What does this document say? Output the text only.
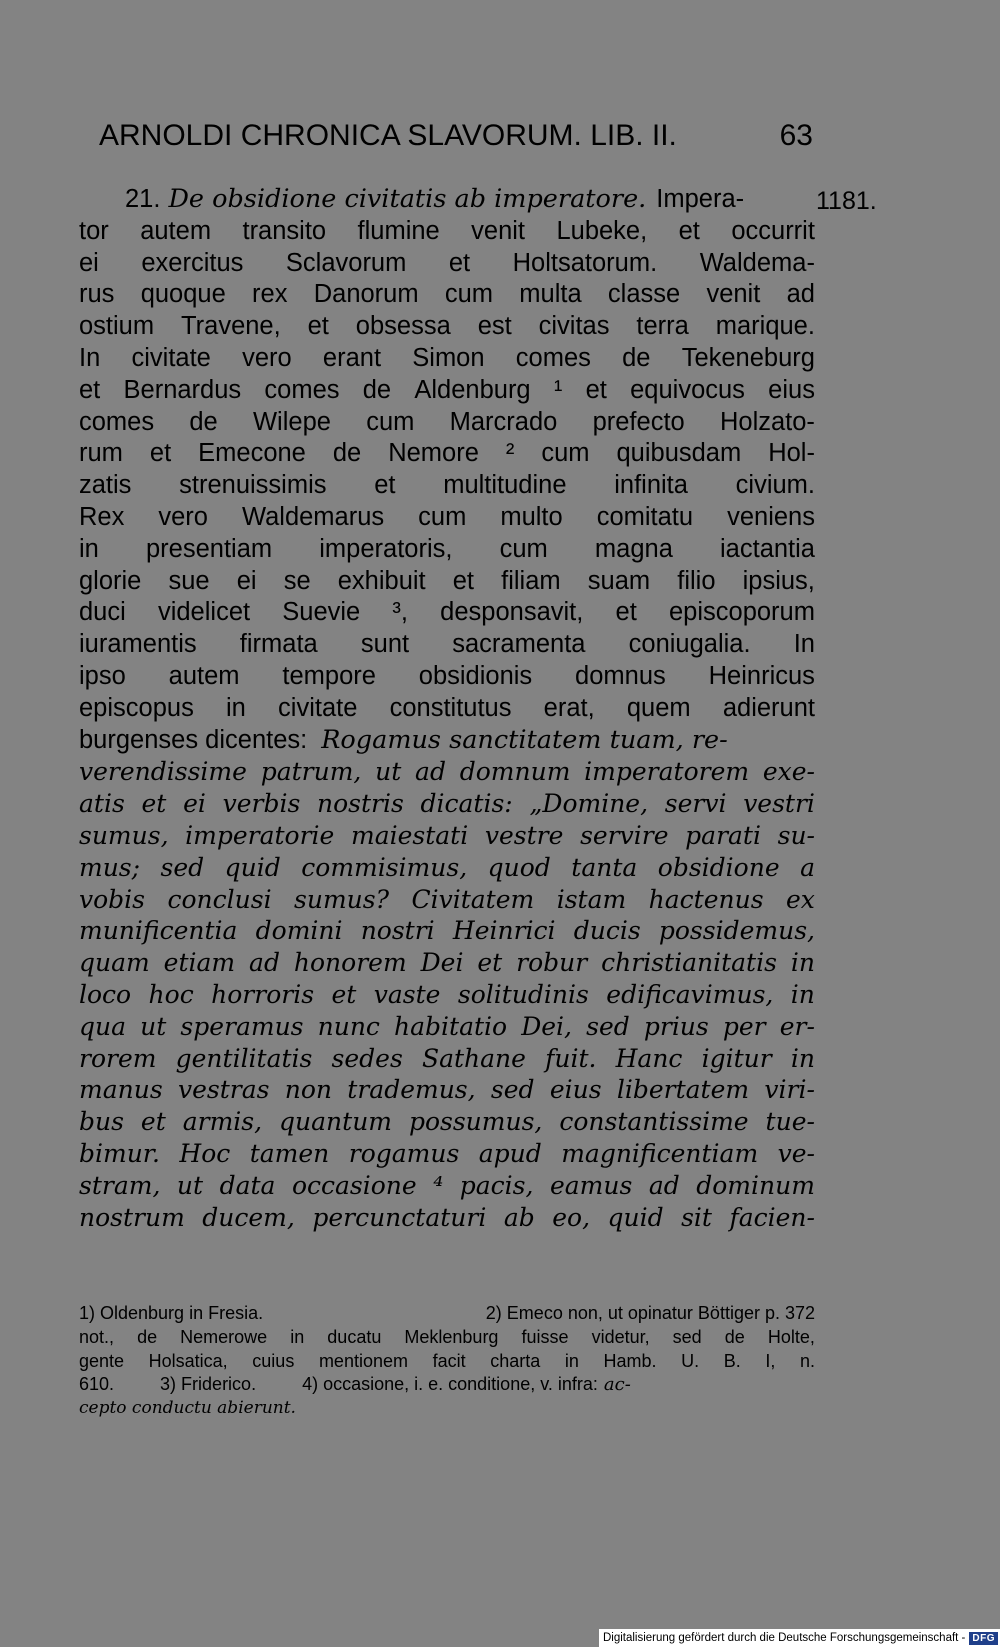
ARNOLDI CHRONICA SLAVORUM. LIB. II.	63
1181.
21. De obsidione civitatis ab imperatore. Impera-
tor autem transito flumine venit Lubeke, et occurrit
ei exercitus Sclavorum et Holtsatorum. Waldema-
rus quoque rex Danorum cum multa classe venit ad
ostium Travene, et obsessa est civitas terra marique.
In civitate vero erant Simon comes de Tekeneburg
et Bernardus comes de Aldenburg ¹ et equivocus eius
comes de Wilepe cum Marcrado prefecto Holzato-
rum et Emecone de Nemore ² cum quibusdam Hol-
zatis strenuissimis et multitudine infinita civium.
Rex vero Waldemarus cum multo comitatu veniens
in presentiam imperatoris, cum magna iactantia
glorie sue ei se exhibuit et filiam suam filio ipsius,
duci videlicet Suevie ³, desponsavit, et episcoporum
iuramentis firmata sunt sacramenta coniugalia. In
ipso autem tempore obsidionis domnus Heinricus
episcopus in civitate constitutus erat, quem adierunt
burgenses dicentes: Rogamus sanctitatem tuam, re-
verendissime patrum, ut ad domnum imperatorem exe-
atis et ei verbis nostris dicatis: „Domine, servi vestri
sumus, imperatorie maiestati vestre servire parati su-
mus; sed quid commisimus, quod tanta obsidione a
vobis conclusi sumus? Civitatem istam hactenus ex
munificentia domini nostri Heinrici ducis possidemus,
quam etiam ad honorem Dei et robur christianitatis in
loco hoc horroris et vaste solitudinis edificavimus, in
qua ut speramus nunc habitatio Dei, sed prius per er-
rorem gentilitatis sedes Sathane fuit. Hanc igitur in
manus vestras non trademus, sed eius libertatem viri-
bus et armis, quantum possumus, constantissime tue-
bimur. Hoc tamen rogamus apud magnificentiam ve-
stram, ut data occasione ⁴ pacis, eamus ad dominum
nostrum ducem, percunctaturi ab eo, quid sit facien-
1) Oldenburg in Fresia.	2) Emeco non, ut opinatur Böttiger p. 372
not., de Nemerowe in ducatu Meklenburg fuisse videtur, sed de Holte,
gente Holsatica, cuius mentionem facit charta in Hamb. U. B. I, n.
610.	3) Friderico.	4) occasione, i. e. conditione, v. infra: ac-
cepto conductu abierunt.
Digitalisierung gefördert durch die Deutsche Forschungsgemeinschaft - DFG
